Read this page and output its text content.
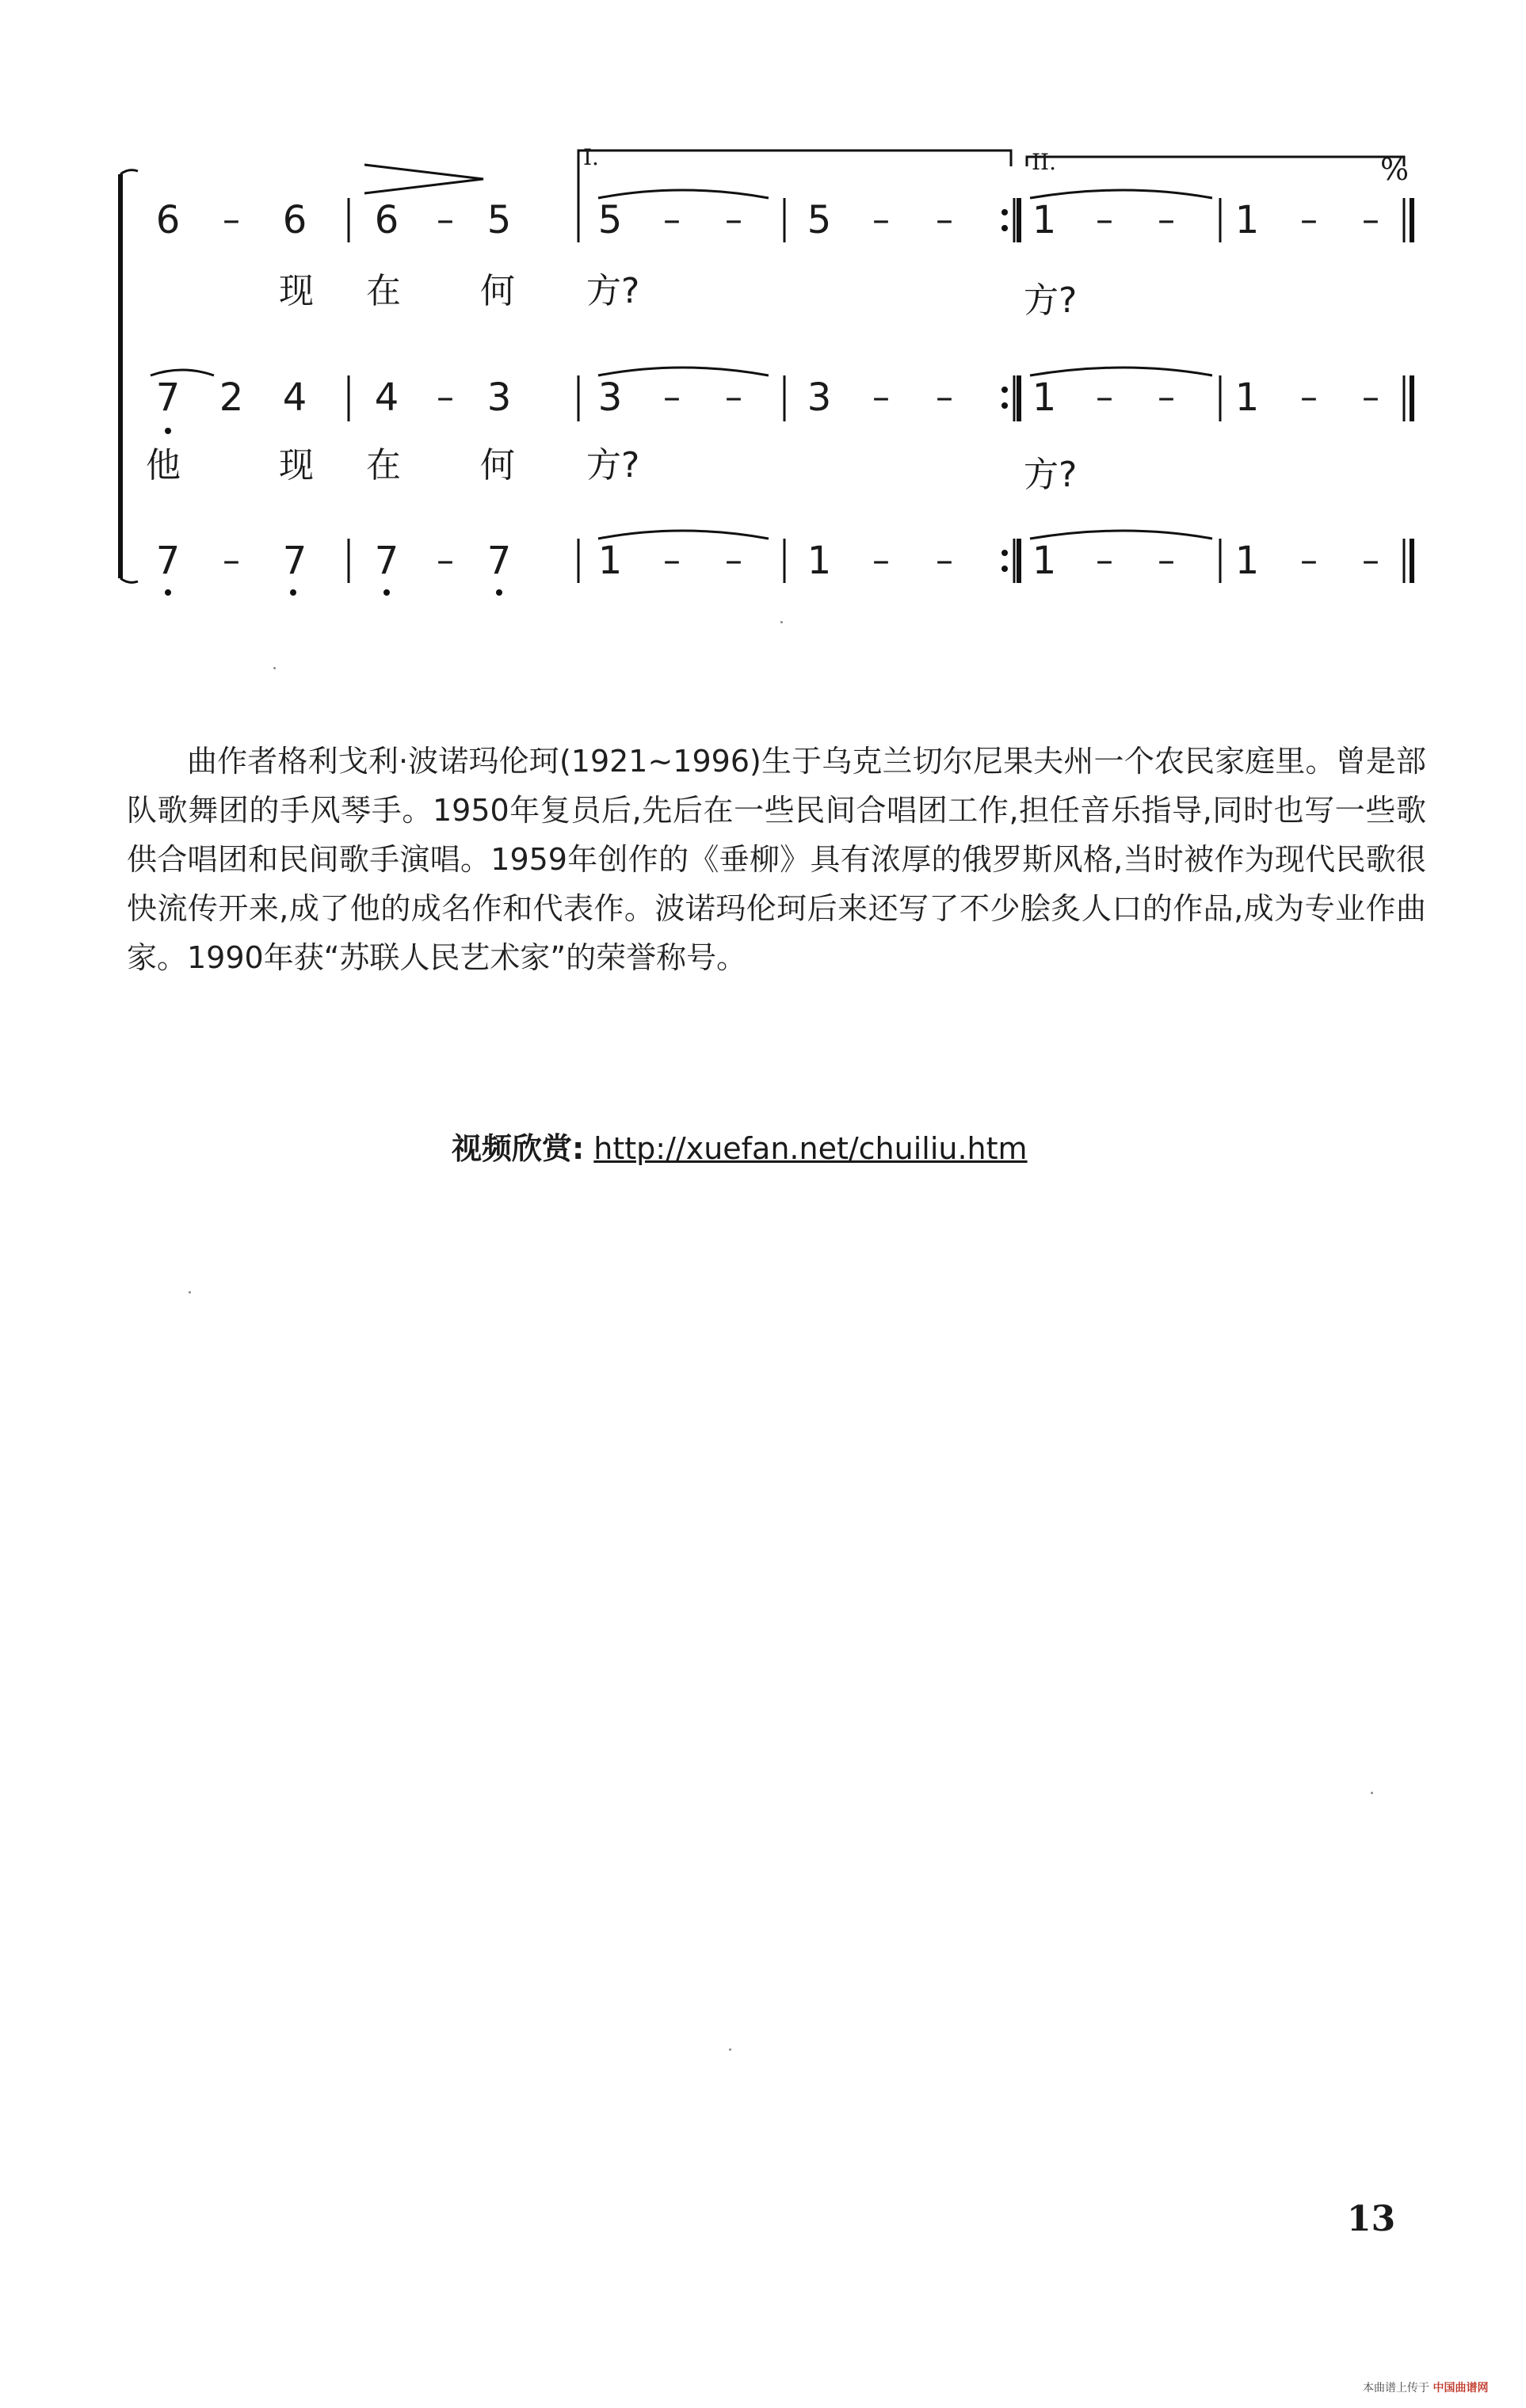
I.	II.	%
6 – 6 6 – 5 5 – – 5 – – 1 – – 1 – –
现 在 何 方?	方?
7 2 4 4 – 3 3 – – 3 – – 1 – – 1 – –
他	现 在 何 方?	方?
7 – 7 7 – 7 1 – – 1 – – 1 – – 1 – –

曲作者格利戈利·波诺玛伦珂(1921~1996)生于乌克兰切尔尼果夫州一个农民家庭里。曾是部队歌舞团的手风琴手。1950年复员后,先后在一些民间合唱团工作,担任音乐指导,同时也写一些歌供合唱团和民间歌手演唱。1959年创作的《垂柳》具有浓厚的俄罗斯风格,当时被作为现代民歌很快流传开来,成了他的成名作和代表作。波诺玛伦珂后来还写了不少脍炙人口的作品,成为专业作曲家。1990年获“苏联人民艺术家”的荣誉称号。

视频欣赏: http://xuefan.net/chuiliu.htm
13
本曲谱上传于 中国曲谱网
